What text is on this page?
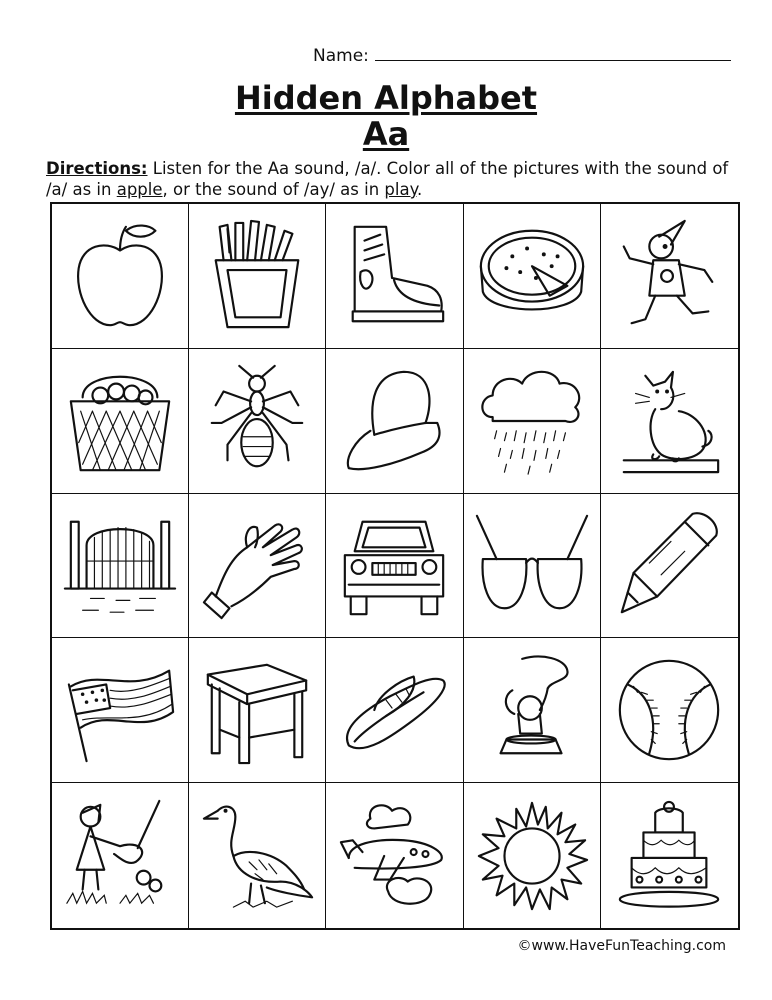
Name:
Hidden Alphabet
Aa
Directions: Listen for the Aa sound, /a/. Color all of the pictures with the sound of /a/ as in apple, or the sound of /ay/ as in play.
©www.HaveFunTeaching.com
